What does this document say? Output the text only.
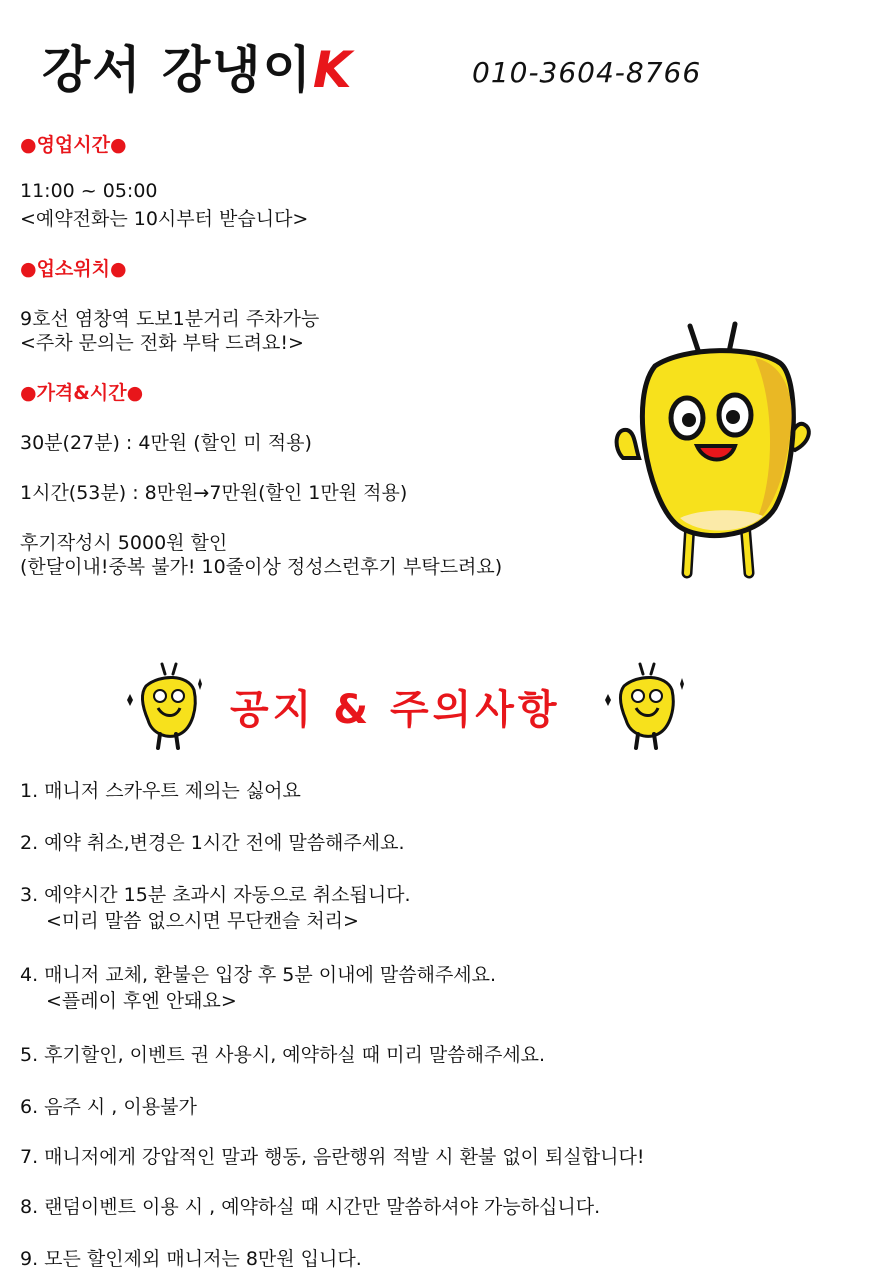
강서 강냉이K	010-3604-8766
●영업시간●
11:00 ~ 05:00
<예약전화는 10시부터 받습니다>
●업소위치●
9호선 염창역 도보1분거리 주차가능
<주차 문의는 전화 부탁 드려요!>
●가격&시간●
30분(27분) : 4만원 (할인 미 적용)
1시간(53분) : 8만원→7만원(할인 1만원 적용)
후기작성시 5000원 할인
(한달이내!중복 불가! 10줄이상 정성스런후기 부탁드려요)
공지 & 주의사항
1. 매니저 스카우트 제의는 싫어요
2. 예약 취소,변경은 1시간 전에 말씀해주세요.
3. 예약시간 15분 초과시 자동으로 취소됩니다.
<미리 말씀 없으시면 무단캔슬 처리>
4. 매니저 교체, 환불은 입장 후 5분 이내에 말씀해주세요.
<플레이 후엔 안돼요>
5. 후기할인, 이벤트 권 사용시, 예약하실 때 미리 말씀해주세요.
6. 음주 시 , 이용불가
7. 매니저에게 강압적인 말과 행동, 음란행위 적발 시 환불 없이 퇴실합니다!
8. 랜덤이벤트 이용 시 , 예약하실 때 시간만 말씀하셔야 가능하십니다.
9. 모든 할인제외 매니저는 8만원 입니다.
